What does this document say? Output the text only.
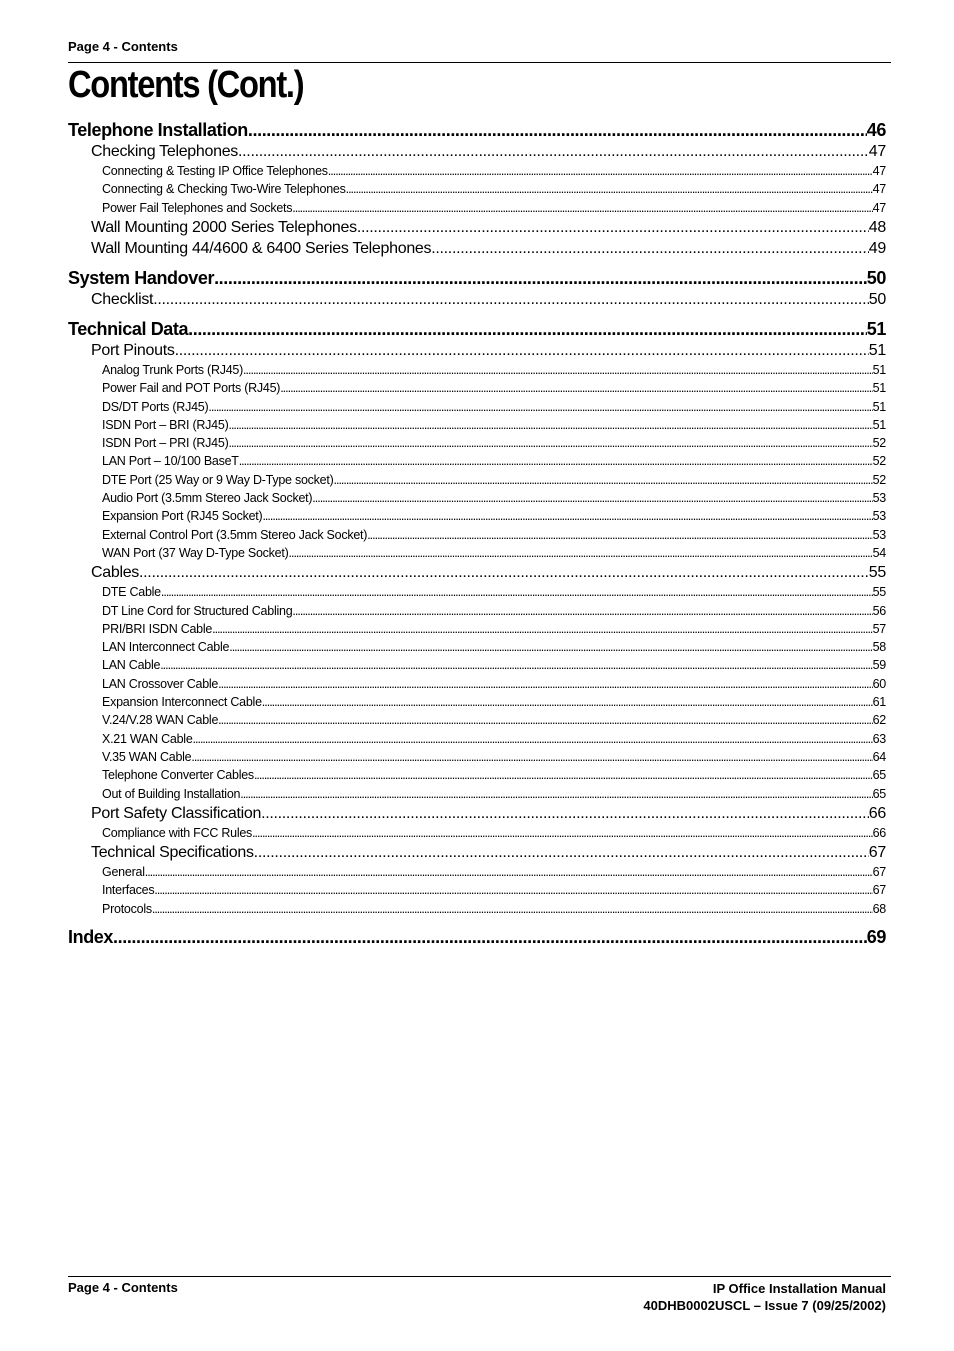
Page 4 - Contents
Contents (Cont.)
Telephone Installation .....	46
Checking Telephones .....	47
Connecting & Testing IP Office Telephones .....	47
Connecting & Checking Two-Wire Telephones .....	47
Power Fail Telephones and Sockets .....	47
Wall Mounting 2000 Series Telephones .....	48
Wall Mounting 44/4600 & 6400 Series Telephones .....	49
System Handover .....	50
Checklist .....	50
Technical Data .....	51
Port Pinouts .....	51
Analog Trunk Ports (RJ45) .....	51
Power Fail and POT Ports (RJ45) .....	51
DS/DT Ports (RJ45) .....	51
ISDN Port – BRI (RJ45) .....	51
ISDN Port – PRI (RJ45) .....	52
LAN Port – 10/100 BaseT .....	52
DTE Port (25 Way or 9 Way D-Type socket) .....	52
Audio Port (3.5mm Stereo Jack Socket) .....	53
Expansion Port (RJ45 Socket) .....	53
External Control Port (3.5mm Stereo Jack Socket) .....	53
WAN Port (37 Way D-Type Socket) .....	54
Cables .....	55
DTE Cable .....	55
DT Line Cord for Structured Cabling .....	56
PRI/BRI ISDN Cable .....	57
LAN Interconnect Cable .....	58
LAN Cable .....	59
LAN Crossover Cable .....	60
Expansion Interconnect Cable .....	61
V.24/V.28 WAN Cable .....	62
X.21 WAN Cable .....	63
V.35 WAN Cable .....	64
Telephone Converter Cables .....	65
Out of Building Installation .....	65
Port Safety Classification .....	66
Compliance with FCC Rules .....	66
Technical Specifications .....	67
General .....	67
Interfaces .....	67
Protocols .....	68
Index .....	69
Page 4 - Contents	IP Office Installation Manual
40DHB0002USCL – Issue 7 (09/25/2002)
